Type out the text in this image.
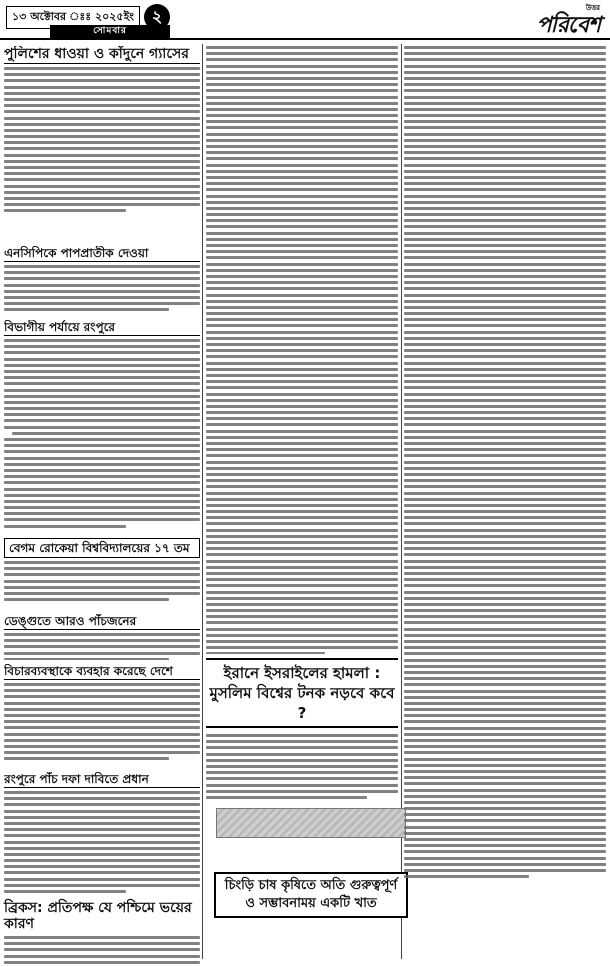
১৩ অক্টোবর ঃঃ ২০২৫ইং	২
সোমবার
উত্তর
পরিবেশ
পুলিশের ধাওয়া ও কাঁদুনে গ্যাসের
এনসিপিকে পাপপ্রাতীক দেওয়া
বিভাগীয় পর্যায়ে রংপুরে
বেগম রোকেয়া বিশ্ববিদ্যালয়ের ১৭ তম
ডেঙ্গুতে আরও পাঁচজনের
বিচারব্যবস্থাকে ব্যবহার করেছে দেশে
রংপুরে পাঁচ দফা দাবিতে প্রধান
ব্রিকস: প্রতিপক্ষ যে পশ্চিমে ভয়ের কারণ
ইরানে ইসরাইলের হামলা : মুসলিম বিশ্বের টনক নড়বে কবে ?
চিংড়ি চাষ কৃষিতে অতি গুরুত্বপূর্ণ ও সম্ভাবনাময় একটি খাত
